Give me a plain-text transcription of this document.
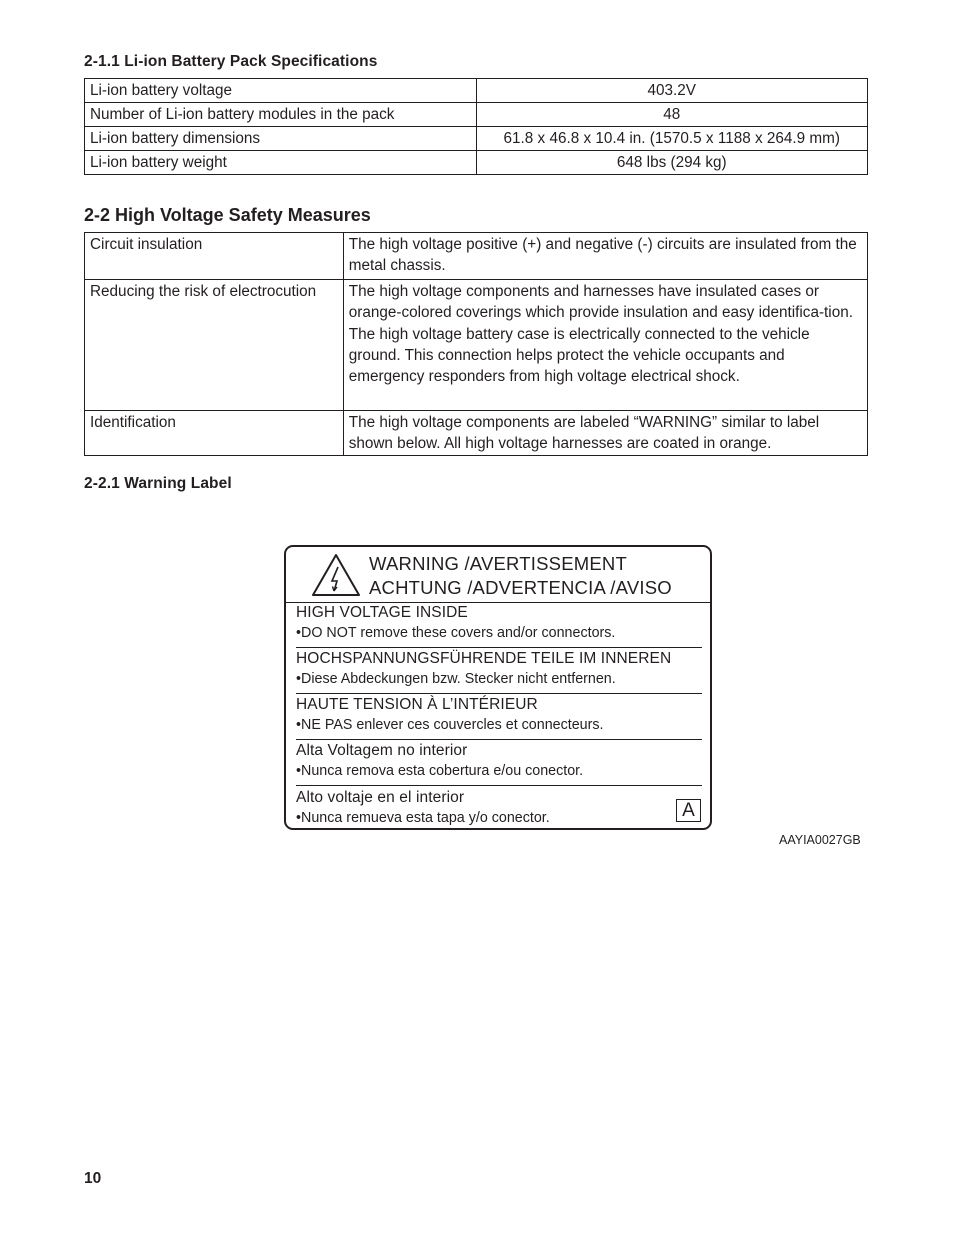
2-1.1 Li-ion Battery Pack Specifications
Li-ion battery voltage	403.2V
Number of Li-ion battery modules in the pack	48
Li-ion battery dimensions	61.8 x 46.8 x 10.4 in. (1570.5 x 1188 x 264.9 mm)
Li-ion battery weight	648 lbs (294 kg)
2-2 High Voltage Safety Measures
Circuit insulation	The high voltage positive (+) and negative (-) circuits are insulated from the metal chassis.

Reducing the risk of electrocution	The high voltage components and harnesses have insulated cases or orange-colored coverings which provide insulation and easy identifica-tion.

The high voltage battery case is electrically connected to the vehicle ground. This connection helps protect the vehicle occupants and emergency responders from high voltage electrical shock.

Identification	The high voltage components are labeled “WARNING” similar to label shown below. All high voltage harnesses are coated in orange.

2-2.1 Warning Label
WARNING /AVERTISSEMENT
ACHTUNG /ADVERTENCIA /AVISO
HIGH VOLTAGE INSIDE
•DO NOT remove these covers and/or connectors.
HOCHSPANNUNGSFÜHRENDE TEILE IM INNEREN
•Diese Abdeckungen bzw. Stecker nicht entfernen.
HAUTE TENSION À L’INTÉRIEUR
•NE PAS enlever ces couvercles et connecteurs.
Alta Voltagem no interior
•Nunca remova esta cobertura e/ou conector.
Alto voltaje en el interior
•Nunca remueva esta tapa y/o conector.	A
AAYIA0027GB
10
